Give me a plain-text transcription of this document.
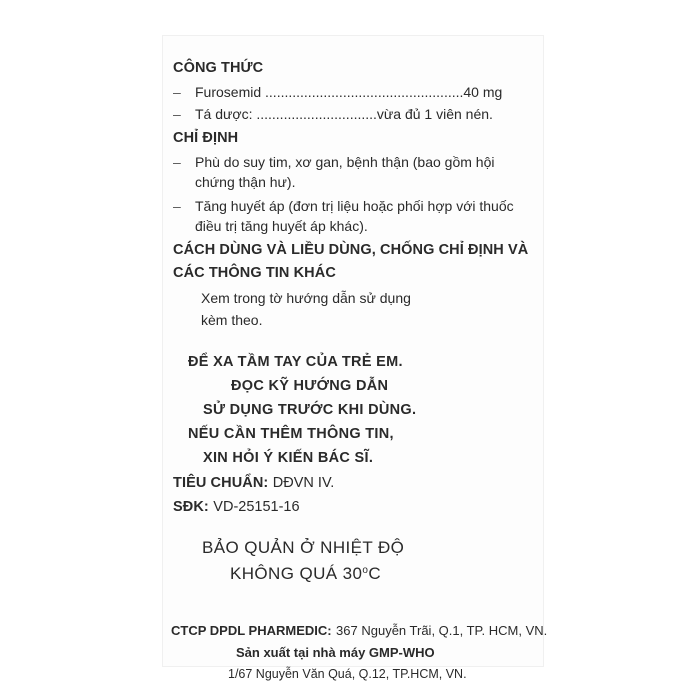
CÔNG THỨC
– Furosemid ...................................................40 mg
– Tá dược: ...............................vừa đủ 1 viên nén.
CHỈ ĐỊNH
– Phù do suy tim, xơ gan, bệnh thận (bao gồm hội
chứng thận hư).
– Tăng huyết áp (đơn trị liệu hoặc phối hợp với thuốc
điều trị tăng huyết áp khác).
CÁCH DÙNG VÀ LIỀU DÙNG, CHỐNG CHỈ ĐỊNH VÀ
CÁC THÔNG TIN KHÁC
Xem trong tờ hướng dẫn sử dụng
kèm theo.
ĐỂ XA TẦM TAY CỦA TRẺ EM.
ĐỌC KỸ HƯỚNG DẪN
SỬ DỤNG TRƯỚC KHI DÙNG.
NẾU CẦN THÊM THÔNG TIN,
XIN HỎI Ý KIẾN BÁC SĨ.
TIÊU CHUẨN: DĐVN IV.
SĐK: VD-25151-16
BẢO QUẢN Ở NHIỆT ĐỘ
KHÔNG QUÁ 30$^o$C
CTCP DPDL PHARMEDIC: 367 Nguyễn Trãi, Q.1, TP. HCM, VN.
Sản xuất tại nhà máy GMP-WHO
1/67 Nguyễn Văn Quá, Q.12, TP.HCM, VN.
